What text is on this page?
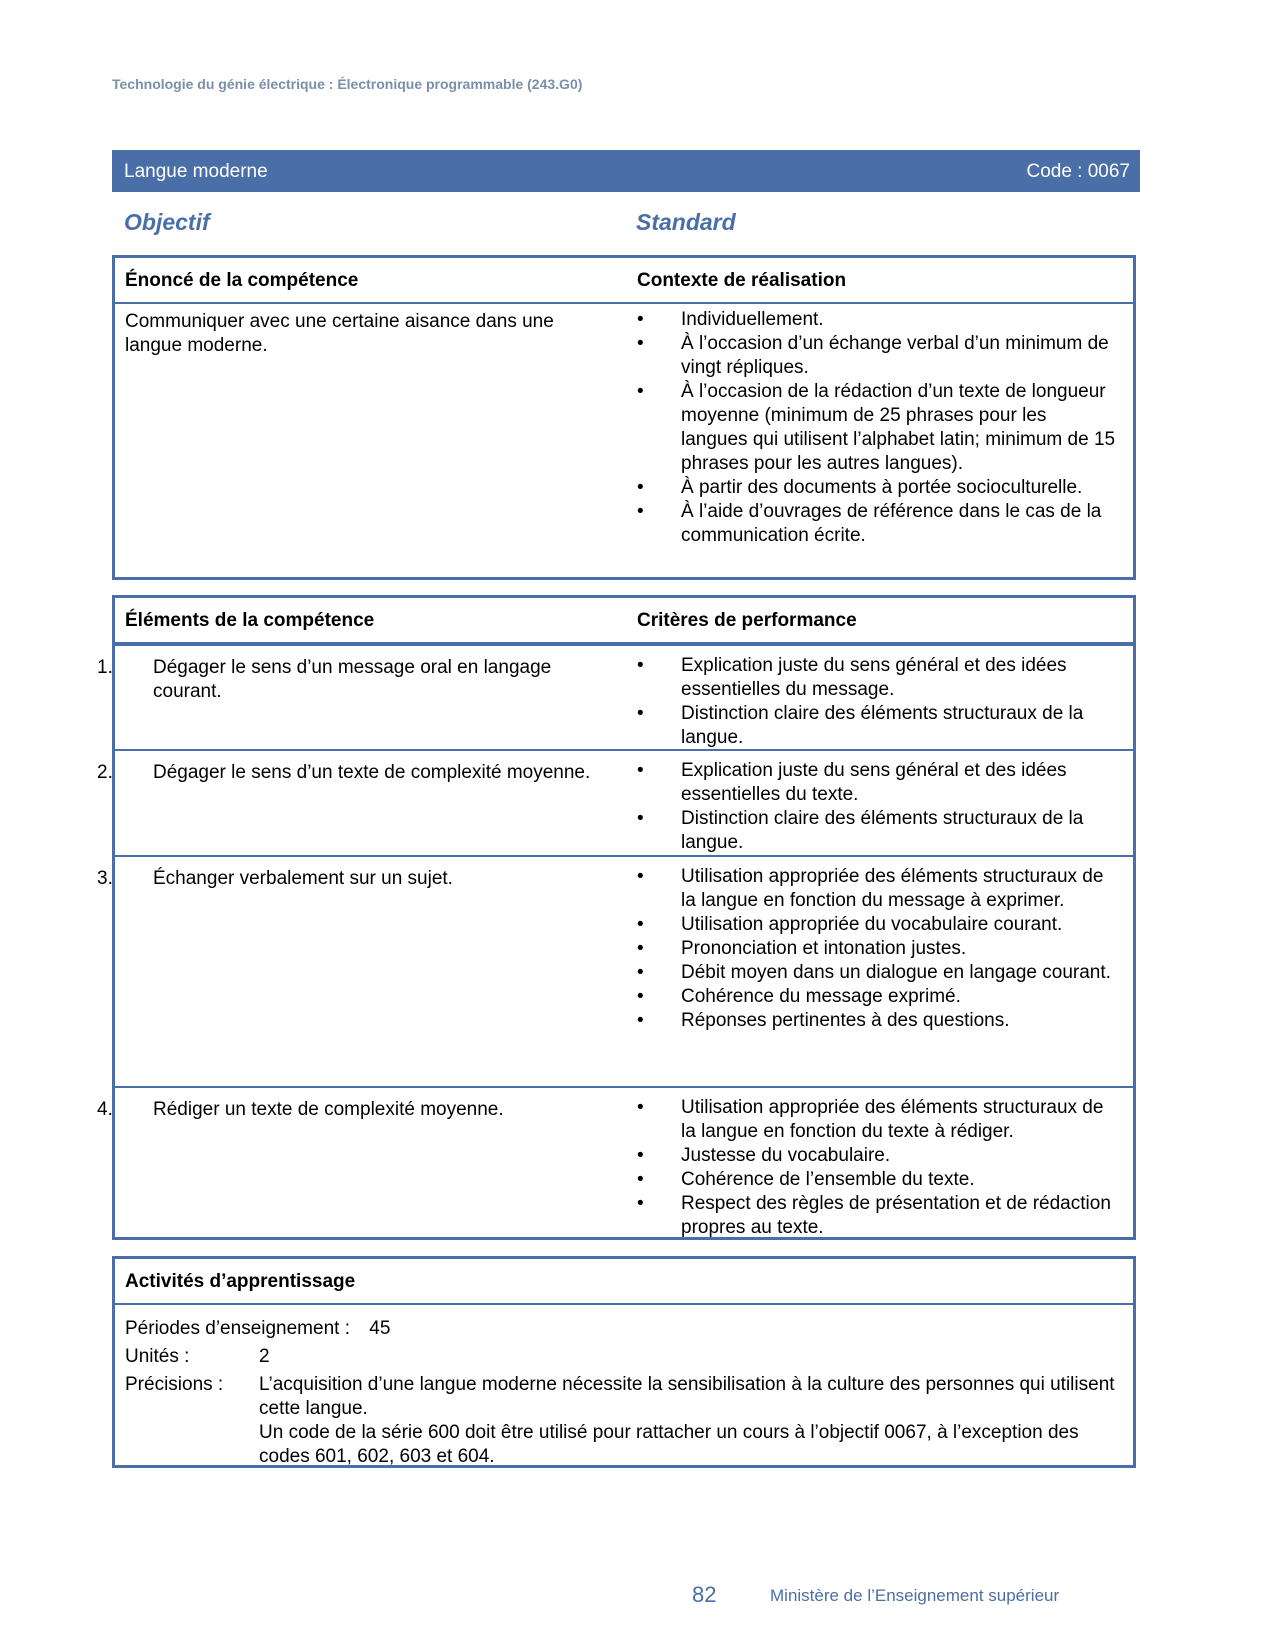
Technologie du génie électrique : Électronique programmable (243.G0)
Langue moderne	Code : 0067
Objectif	Standard
Énoncé de la compétence	Contexte de réalisation
Communiquer avec une certaine aisance dans une langue moderne.
• Individuellement.
• À l’occasion d’un échange verbal d’un minimum de vingt répliques.
• À l’occasion de la rédaction d’un texte de longueur moyenne (minimum de 25 phrases pour les langues qui utilisent l’alphabet latin; minimum de 15 phrases pour les autres langues).
• À partir des documents à portée socioculturelle.
• À l’aide d’ouvrages de référence dans le cas de la communication écrite.
Éléments de la compétence	Critères de performance
1. Dégager le sens d’un message oral en langage courant.
• Explication juste du sens général et des idées essentielles du message.
• Distinction claire des éléments structuraux de la langue.
2. Dégager le sens d’un texte de complexité moyenne.	• Explication juste du sens général et des idées essentielles du texte.
• Distinction claire des éléments structuraux de la langue.
3. Échanger verbalement sur un sujet.	• Utilisation appropriée des éléments structuraux de la langue en fonction du message à exprimer.
• Utilisation appropriée du vocabulaire courant.
• Prononciation et intonation justes.
• Débit moyen dans un dialogue en langage courant.
• Cohérence du message exprimé.
• Réponses pertinentes à des questions.
4. Rédiger un texte de complexité moyenne.	• Utilisation appropriée des éléments structuraux de la langue en fonction du texte à rédiger.
• Justesse du vocabulaire.
• Cohérence de l’ensemble du texte.
• Respect des règles de présentation et de rédaction propres au texte.
Activités d’apprentissage
Périodes d’enseignement : 45
Unités :	2
Précisions : L’acquisition d’une langue moderne nécessite la sensibilisation à la culture des personnes qui utilisent cette langue.
Un code de la série 600 doit être utilisé pour rattacher un cours à l’objectif 0067, à l’exception des codes 601, 602, 603 et 604.
82	Ministère de l’Enseignement supérieur
